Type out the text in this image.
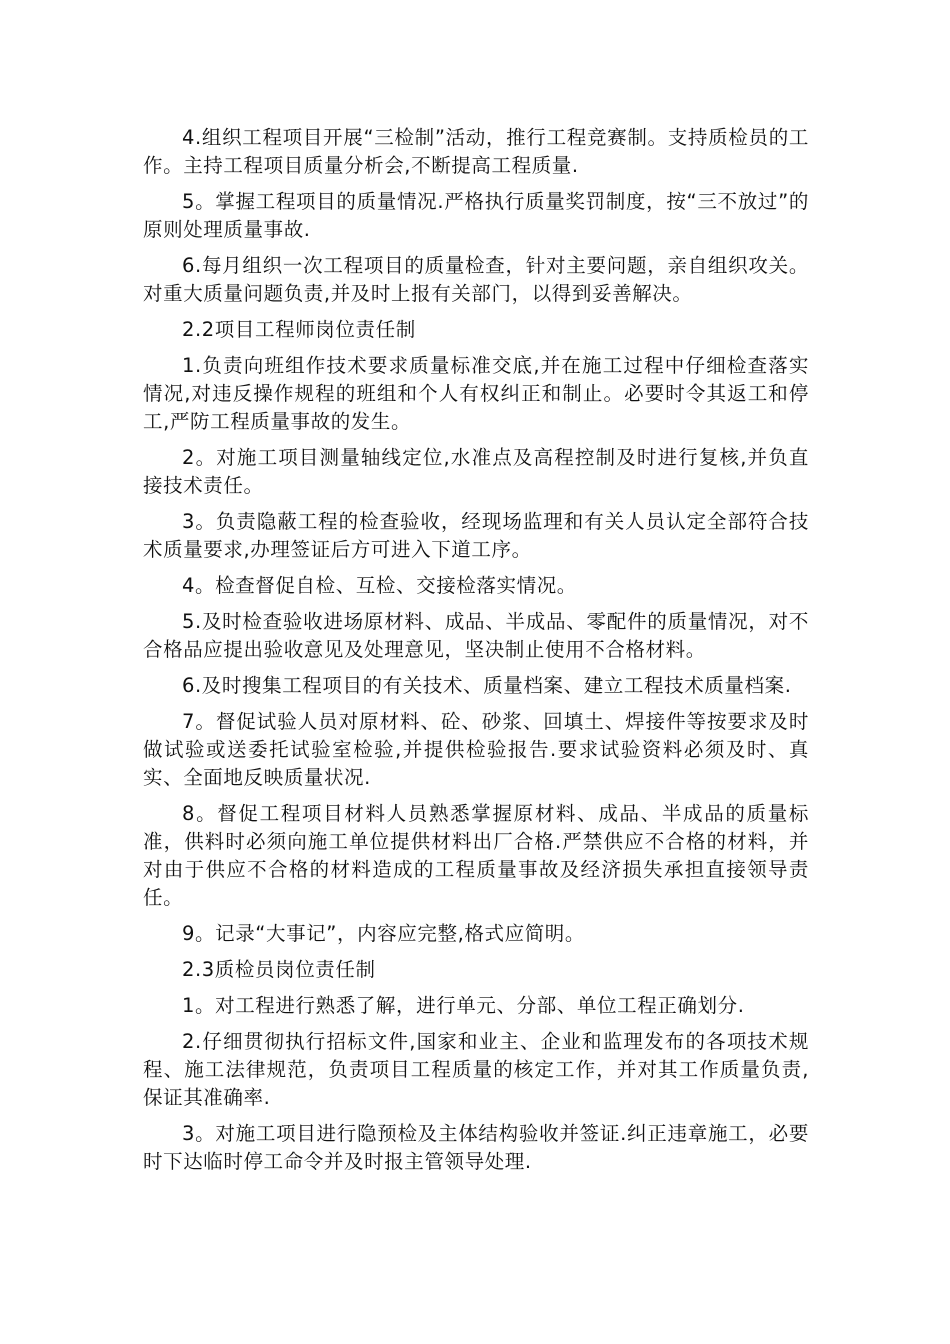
4.组织工程项目开展“三检制”活动，推行工程竞赛制。支持质检员的工作。主持工程项目质量分析会,不断提高工程质量.

5。掌握工程项目的质量情况.严格执行质量奖罚制度，按“三不放过”的原则处理质量事故.

6.每月组织一次工程项目的质量检查，针对主要问题，亲自组织攻关。对重大质量问题负责,并及时上报有关部门，以得到妥善解决。

2.2项目工程师岗位责任制

1.负责向班组作技术要求质量标准交底,并在施工过程中仔细检查落实情况,对违反操作规程的班组和个人有权纠正和制止。必要时令其返工和停工,严防工程质量事故的发生。

2。对施工项目测量轴线定位,水准点及高程控制及时进行复核,并负直接技术责任。

3。负责隐蔽工程的检查验收，经现场监理和有关人员认定全部符合技术质量要求,办理签证后方可进入下道工序。

4。检查督促自检、互检、交接检落实情况。

5.及时检查验收进场原材料、成品、半成品、零配件的质量情况，对不合格品应提出验收意见及处理意见，坚决制止使用不合格材料。

6.及时搜集工程项目的有关技术、质量档案、建立工程技术质量档案.

7。督促试验人员对原材料、砼、砂浆、回填土、焊接件等按要求及时做试验或送委托试验室检验,并提供检验报告.要求试验资料必须及时、真实、全面地反映质量状况.

8。督促工程项目材料人员熟悉掌握原材料、成品、半成品的质量标准，供料时必须向施工单位提供材料出厂合格.严禁供应不合格的材料，并对由于供应不合格的材料造成的工程质量事故及经济损失承担直接领导责任。

9。记录“大事记”，内容应完整,格式应简明。

2.3质检员岗位责任制

1。对工程进行熟悉了解，进行单元、分部、单位工程正确划分.

2.仔细贯彻执行招标文件,国家和业主、企业和监理发布的各项技术规程、施工法律规范，负责项目工程质量的核定工作，并对其工作质量负责,保证其准确率.

3。对施工项目进行隐预检及主体结构验收并签证.纠正违章施工，必要时下达临时停工命令并及时报主管领导处理.
